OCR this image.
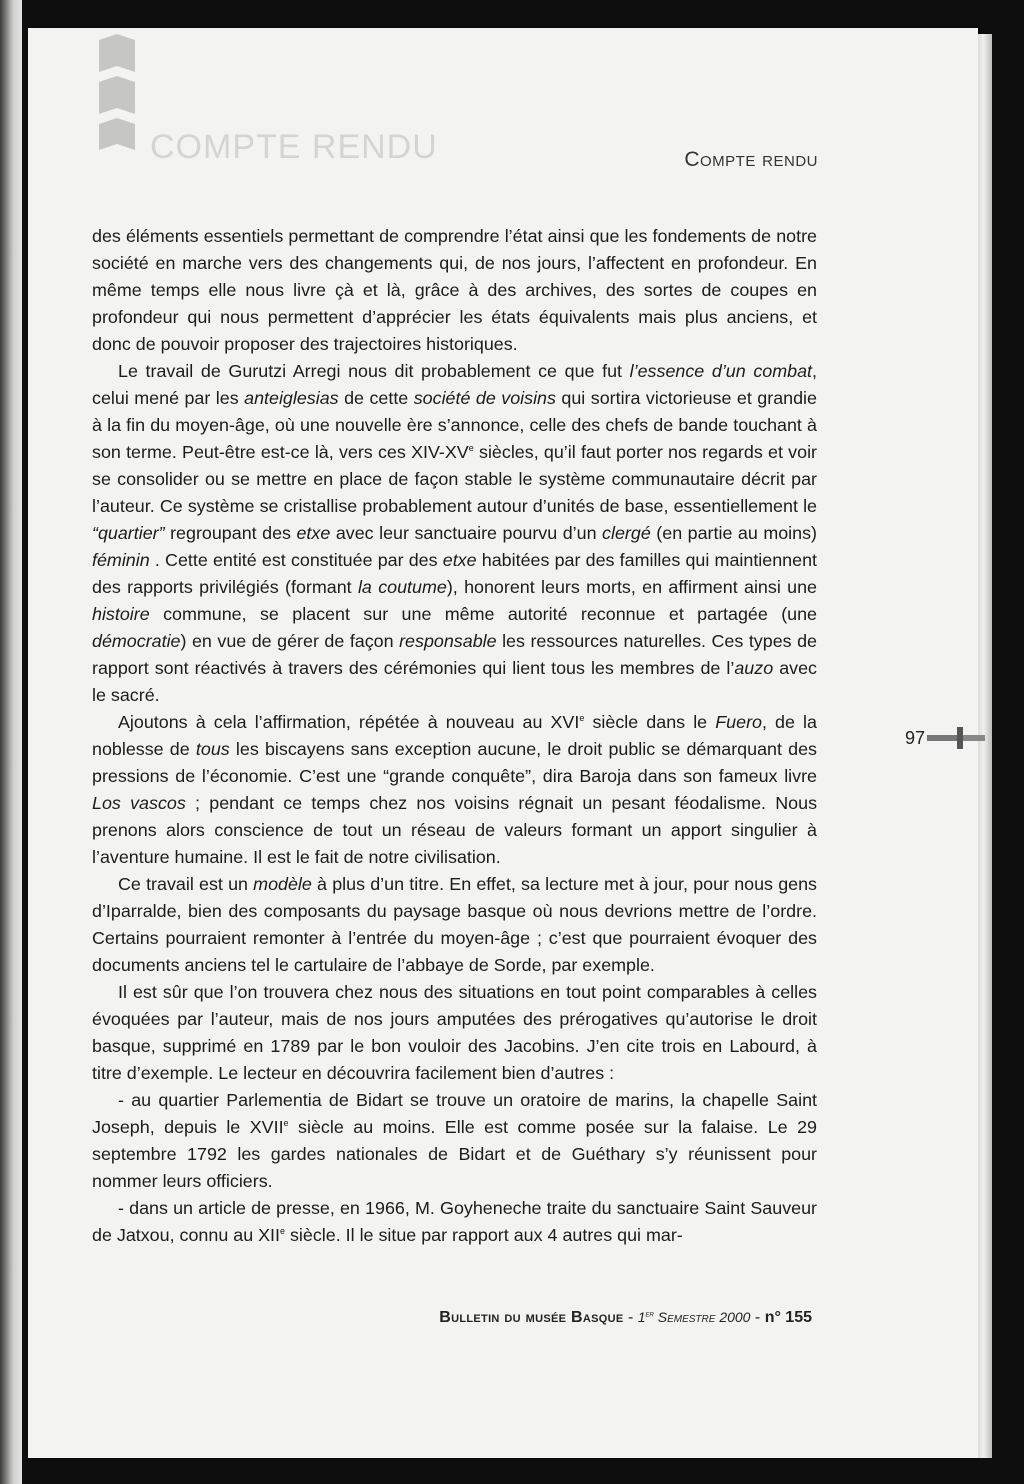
COMPTE RENDU	Compte rendu

des éléments essentiels permettant de comprendre l’état ainsi que les fondements de notre société en marche vers des changements qui, de nos jours, l’affectent en profondeur. En même temps elle nous livre çà et là, grâce à des archives, des sortes de coupes en profondeur qui nous permettent d’apprécier les états équivalents mais plus anciens, et donc de pouvoir proposer des trajectoires historiques.

Le travail de Gurutzi Arregi nous dit probablement ce que fut l’essence d’un combat, celui mené par les anteiglesias de cette société de voisins qui sortira victorieuse et grandie à la fin du moyen-âge, où une nouvelle ère s’annonce, celle des chefs de bande touchant à son terme. Peut-être est-ce là, vers ces XIV-XVe siècles, qu’il faut porter nos regards et voir se consolider ou se mettre en place de façon stable le système communautaire décrit par l’auteur. Ce système se cristallise probablement autour d’unités de base, essentiellement le “quartier” regroupant des etxe avec leur sanctuaire pourvu d’un clergé (en partie au moins) féminin . Cette entité est constituée par des etxe habitées par des familles qui maintiennent des rapports privilégiés (formant la coutume), honorent leurs morts, en affirment ainsi une histoire commune, se placent sur une même autorité reconnue et partagée (une démocratie) en vue de gérer de façon responsable les ressources naturelles. Ces types de rapport sont réactivés à travers des cérémonies qui lient tous les membres de l’auzo avec le sacré.

Ajoutons à cela l’affirmation, répétée à nouveau au XVIe siècle dans le Fuero, de la noblesse de tous les biscayens sans exception aucune, le droit public se démarquant des pressions de l’économie. C’est une “grande conquête”, dira Baroja dans son fameux livre Los vascos ; pendant ce temps chez nos voisins régnait un pesant féodalisme. Nous prenons alors conscience de tout un réseau de valeurs formant un apport singulier à l’aventure humaine. Il est le fait de notre civilisation.

Ce travail est un modèle à plus d’un titre. En effet, sa lecture met à jour, pour nous gens d’Iparralde, bien des composants du paysage basque où nous devrions mettre de l’ordre. Certains pourraient remonter à l’entrée du moyen-âge ; c’est que pourraient évoquer des documents anciens tel le cartulaire de l’abbaye de Sorde, par exemple.

Il est sûr que l’on trouvera chez nous des situations en tout point comparables à celles évoquées par l’auteur, mais de nos jours amputées des prérogatives qu’autorise le droit basque, supprimé en 1789 par le bon vouloir des Jacobins. J’en cite trois en Labourd, à titre d’exemple. Le lecteur en découvrira facilement bien d’autres :

- au quartier Parlementia de Bidart se trouve un oratoire de marins, la chapelle Saint Joseph, depuis le XVIIe siècle au moins. Elle est comme posée sur la falaise. Le 29 septembre 1792 les gardes nationales de Bidart et de Guéthary s’y réunissent pour nommer leurs officiers.

- dans un article de presse, en 1966, M. Goyheneche traite du sanctuaire Saint Sauveur de Jatxou, connu au XIIe siècle. Il le situe par rapport aux 4 autres qui mar-

97
Bulletin du musée Basque - 1er Semestre 2000 - n° 155
